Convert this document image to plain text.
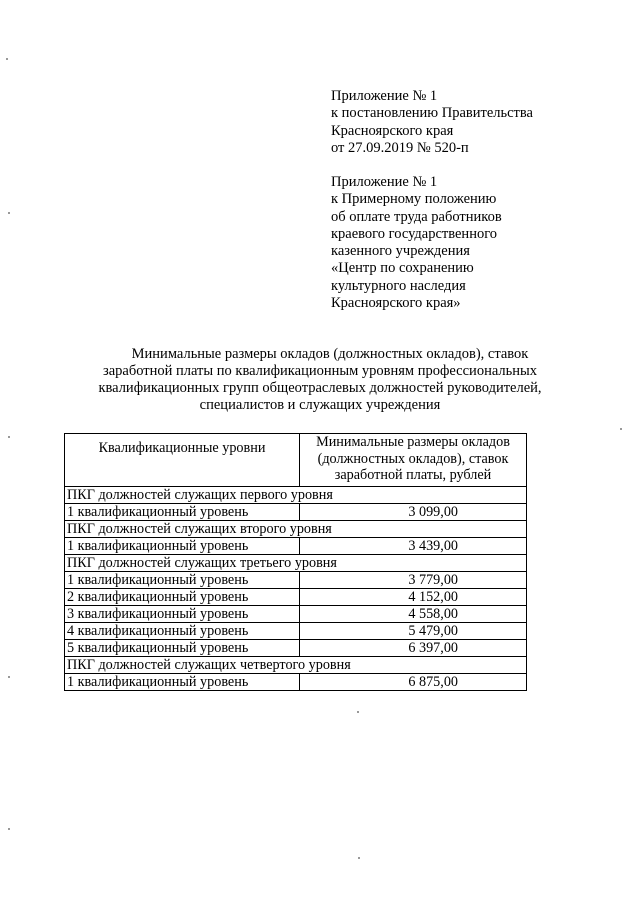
Приложение № 1
к постановлению Правительства
Красноярского края
от 27.09.2019 № 520-п
Приложение № 1
к Примерному положению
об оплате труда работников
краевого государственного
казенного учреждения
«Центр по сохранению
культурного наследия
Красноярского края»
Минимальные размеры окладов (должностных окладов), ставок
заработной платы по квалификационным уровням профессиональных
квалификационных групп общеотраслевых должностей руководителей,
специалистов и служащих учреждения
Квалификационные уровни	Минимальные размеры окладов (должностных окладов), ставок заработной платы, рублей
ПКГ должностей служащих первого уровня	
1 квалификационный уровень	3 099,00
ПКГ должностей служащих второго уровня	
1 квалификационный уровень	3 439,00
ПКГ должностей служащих третьего уровня	
1 квалификационный уровень	3 779,00
2 квалификационный уровень	4 152,00
3 квалификационный уровень	4 558,00
4 квалификационный уровень	5 479,00
5 квалификационный уровень	6 397,00
ПКГ должностей служащих четвертого уровня	
1 квалификационный уровень	6 875,00
